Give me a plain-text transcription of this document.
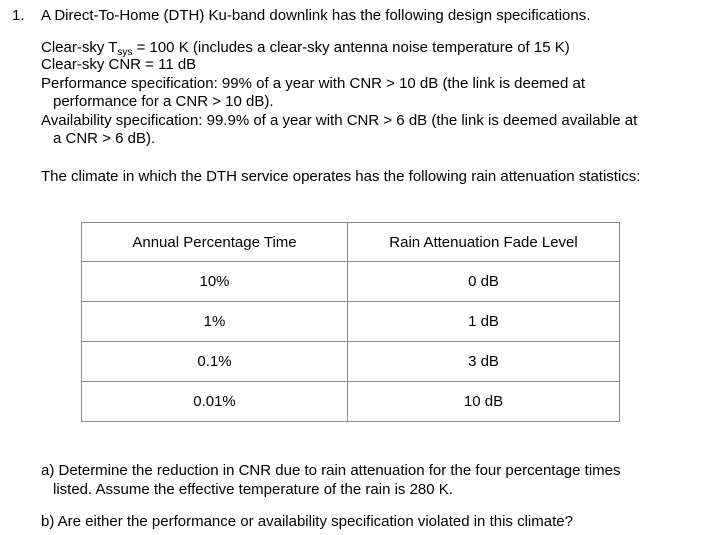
1. A Direct-To-Home (DTH) Ku-band downlink has the following design specifications.
Clear-sky $T_{sys} = 100$ K (includes a clear-sky antenna noise temperature of 15 K)
Clear-sky CNR = 11 dB
Performance specification: 99% of a year with CNR > 10 dB (the link is deemed at
performance for a CNR > 10 dB).
Availability specification: 99.9% of a year with CNR > 6 dB (the link is deemed available at
a CNR > 6 dB).
The climate in which the DTH service operates has the following rain attenuation statistics:
Annual Percentage Time	Rain Attenuation Fade Level
10%	0 dB
1%	1 dB
0.1%	3 dB
0.01%	10 dB
a) Determine the reduction in CNR due to rain attenuation for the four percentage times
listed. Assume the effective temperature of the rain is 280 K.
b) Are either the performance or availability specification violated in this climate?
